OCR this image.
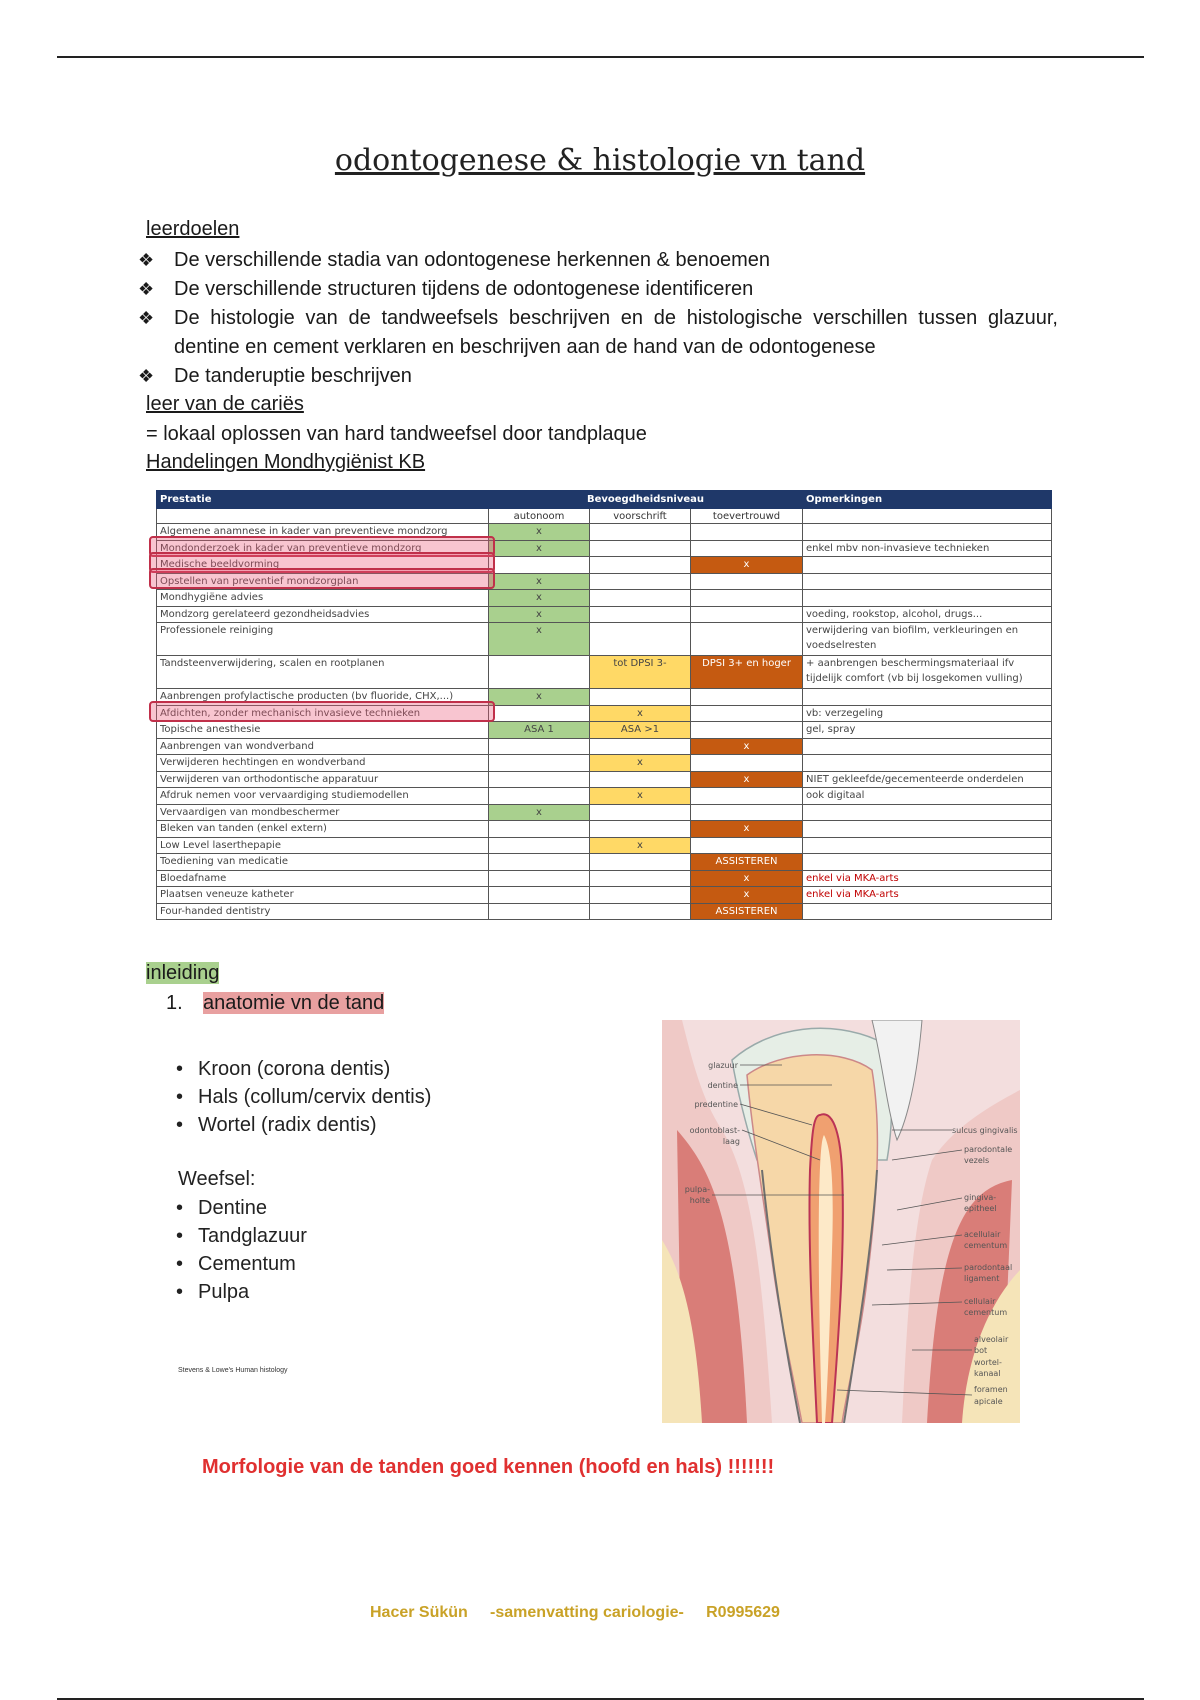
odontogenese & histologie vn tand
leerdoelen
❖ De verschillende stadia van odontogenese herkennen & benoemen
❖ De verschillende structuren tijdens de odontogenese identificeren
❖ De histologie van de tandweefsels beschrijven en de histologische verschillen tussen glazuur, dentine en cement verklaren en beschrijven aan de hand van de odontogenese
❖ De tanderuptie beschrijven
leer van de cariës
= lokaal oplossen van hard tandweefsel door tandplaque
Handelingen Mondhygiënist KB
Prestatie	Bevoegdheidsniveau			Opmerkingen
	autonoom	voorschrift	toevertrouwd	
Algemene anamnese in kader van preventieve mondzorg	x			
Mondonderzoek in kader van preventieve mondzorg	x			enkel mbv non-invasieve technieken
Medische beeldvorming			x	
Opstellen van preventief mondzorgplan	x			
Mondhygiëne advies	x			
Mondzorg gerelateerd gezondheidsadvies	x			voeding, rookstop, alcohol, drugs...
Professionele reiniging	x			verwijdering van biofilm, verkleuringen en voedselresten
Tandsteenverwijdering, scalen en rootplanen		tot DPSI 3-	DPSI 3+ en hoger	+ aanbrengen beschermingsmateriaal ifv tijdelijk comfort (vb bij losgekomen vulling)
Aanbrengen profylactische producten (bv fluoride, CHX,...)	x			
Afdichten, zonder mechanisch invasieve technieken		x		vb: verzegeling
Topische anesthesie	ASA 1	ASA >1		gel, spray
Aanbrengen van wondverband			x	
Verwijderen hechtingen en wondverband		x		
Verwijderen van orthodontische apparatuur			x	NIET gekleefde/gecementeerde onderdelen
Afdruk nemen voor vervaardiging studiemodellen		x		ook digitaal
Vervaardigen van mondbeschermer	x			
Bleken van tanden (enkel extern)			x	
Low Level laserthepapie		x		
Toediening van medicatie			ASSISTEREN	
Bloedafname			x	enkel via MKA-arts
Plaatsen veneuze katheter			x	enkel via MKA-arts
Four-handed dentistry			ASSISTEREN	
inleiding
1. anatomie vn de tand
• Kroon (corona dentis)
• Hals (collum/cervix dentis)
• Wortel (radix dentis)
Weefsel:
• Dentine
• Tandglazuur
• Cementum
• Pulpa
Stevens & Lowe's Human histology
glazuur
dentine
predentine
odontoblast-
laag
pulpa-
holte
sulcus gingivalis
parodontale
vezels
gingiva-
epitheel
acellulair
cementum
parodontaal
ligament
cellulair
cementum
alveolair
bot
wortel-
kanaal
foramen
apicale
Morfologie van de tanden goed kennen (hoofd en hals) !!!!!!!
Hacer Sükün -samenvatting cariologie- R0995629
